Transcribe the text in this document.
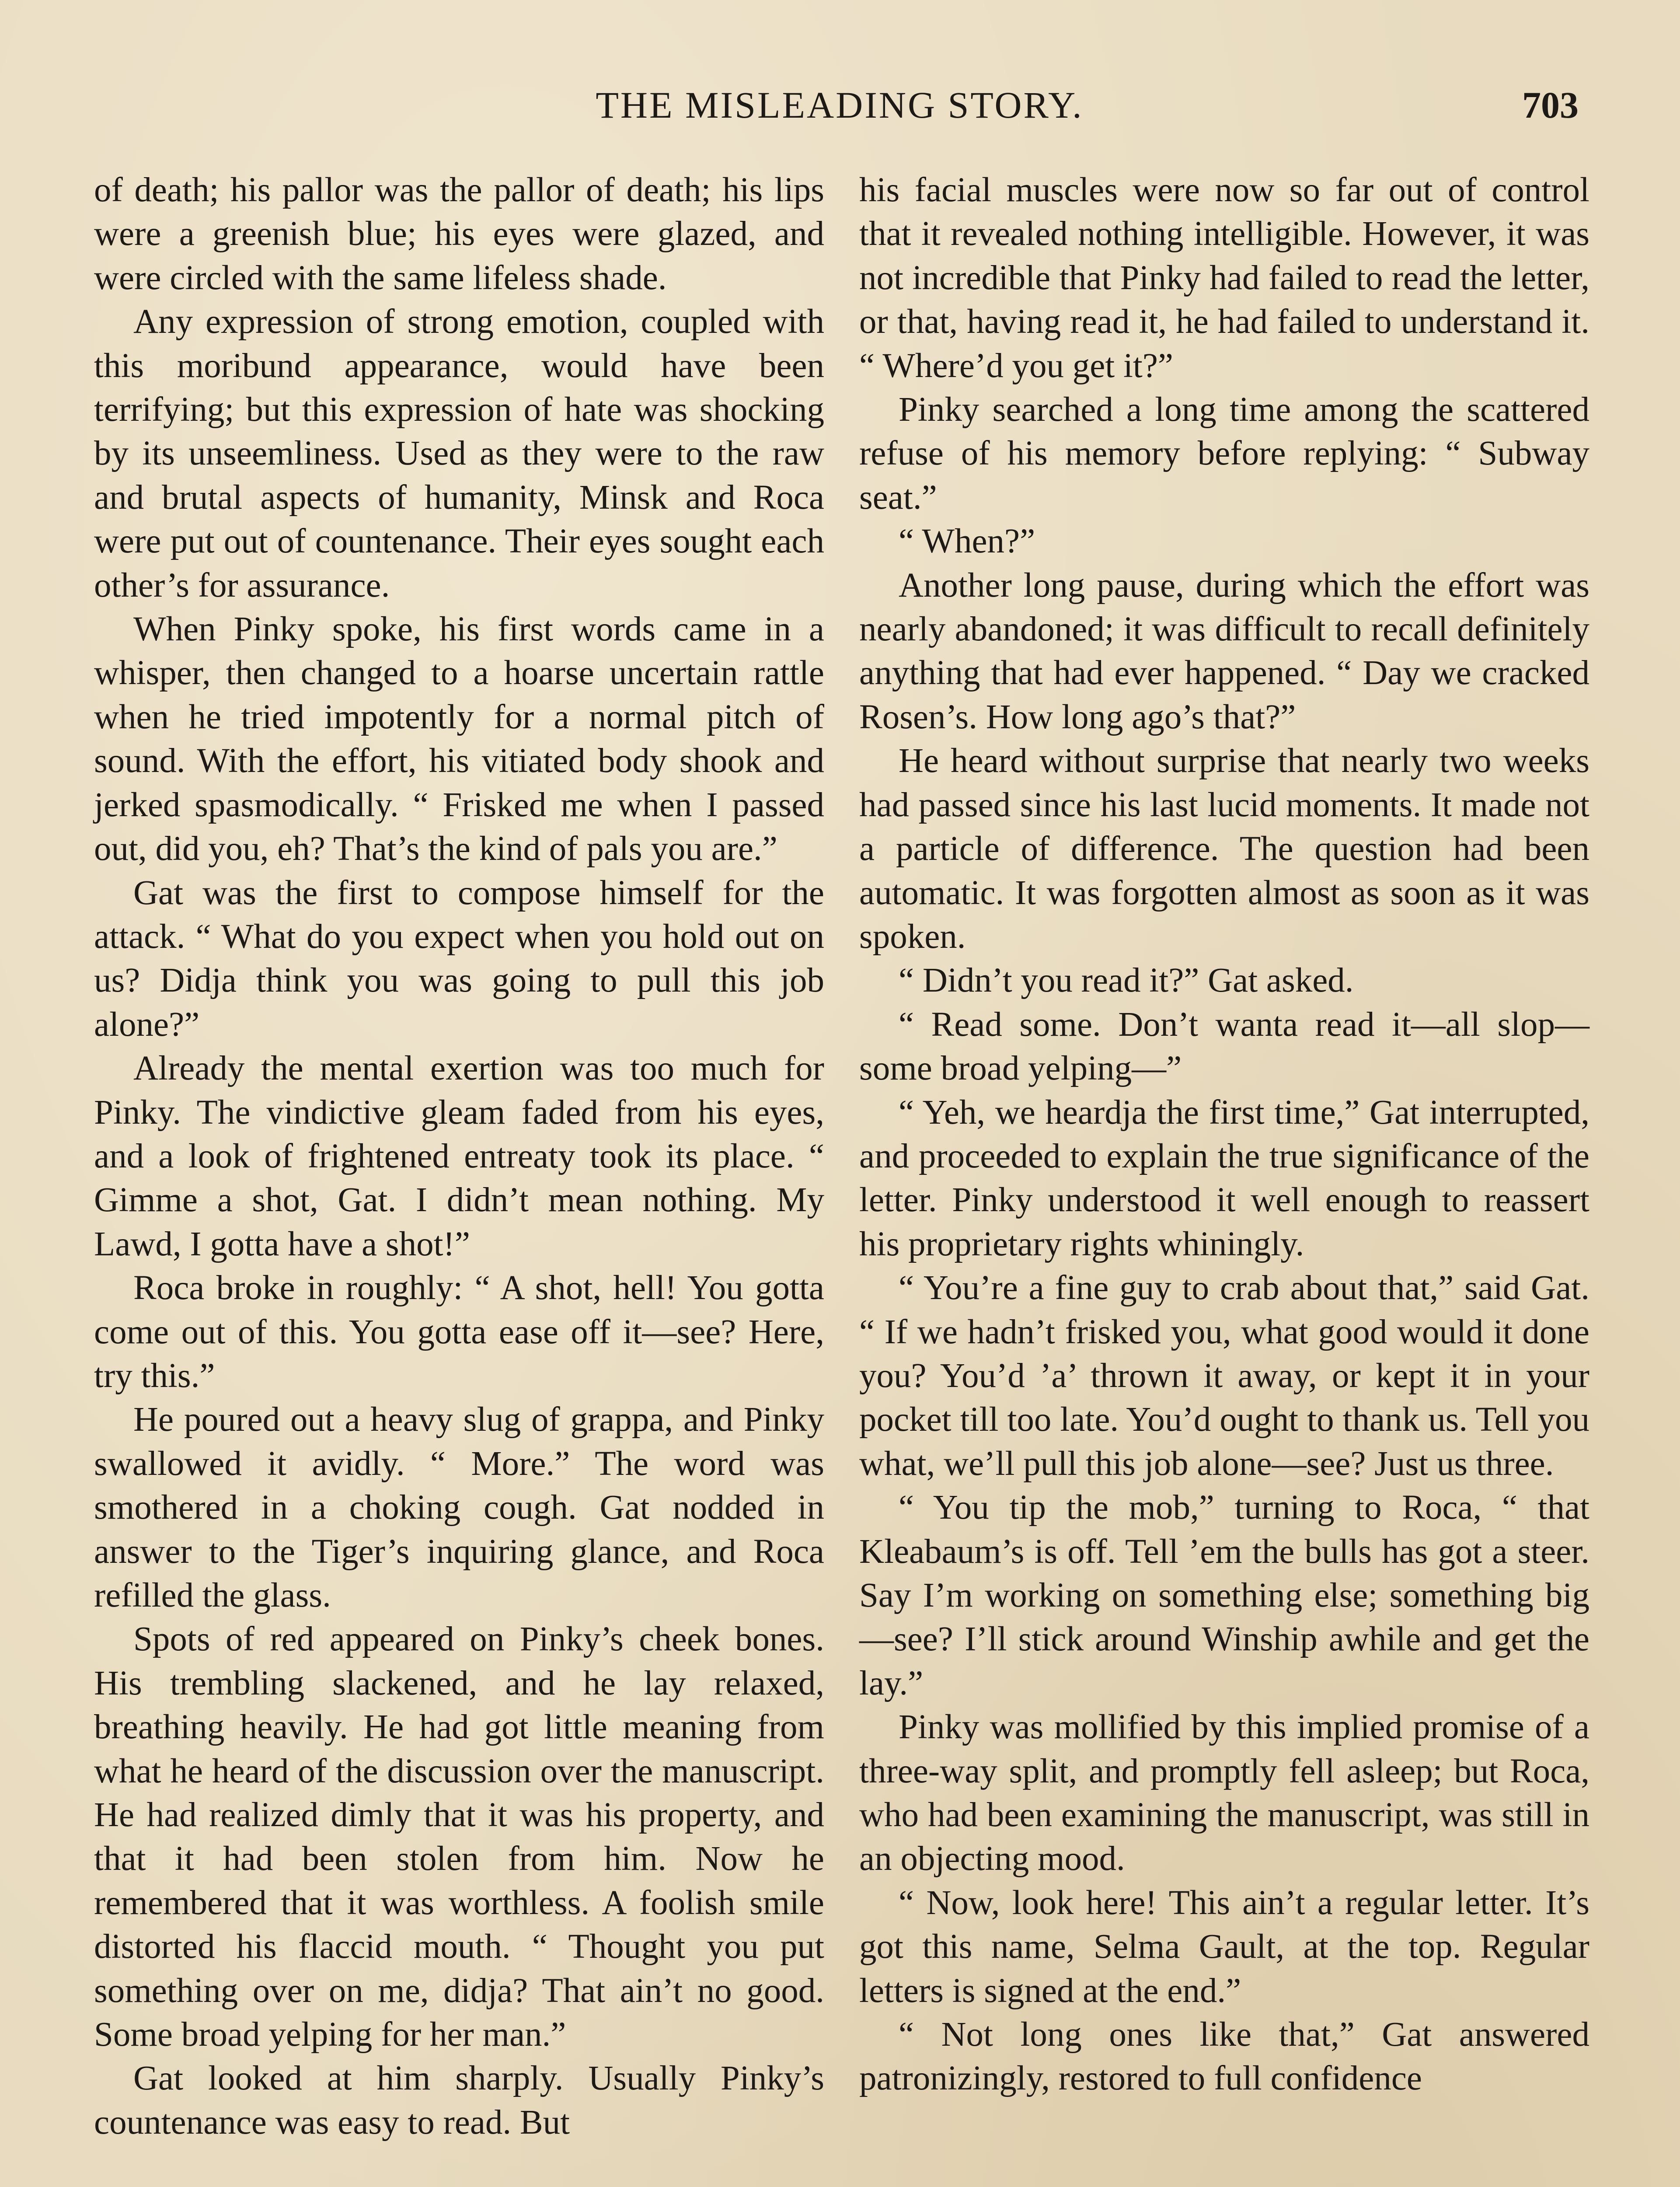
THE MISLEADING STORY.	703

of death; his pallor was the pallor of death; his lips were a greenish blue; his eyes were glazed, and were circled with the same lifeless shade.

Any expression of strong emotion, coupled with this moribund appearance, would have been terrifying; but this expression of hate was shocking by its unseemliness. Used as they were to the raw and brutal aspects of humanity, Minsk and Roca were put out of countenance. Their eyes sought each other’s for assurance.

When Pinky spoke, his first words came in a whisper, then changed to a hoarse uncertain rattle when he tried impotently for a normal pitch of sound. With the effort, his vitiated body shook and jerked spasmodically. “ Frisked me when I passed out, did you, eh? That’s the kind of pals you are.”

Gat was the first to compose himself for the attack. “ What do you expect when you hold out on us? Didja think you was going to pull this job alone?”

Already the mental exertion was too much for Pinky. The vindictive gleam faded from his eyes, and a look of frightened entreaty took its place. “ Gimme a shot, Gat. I didn’t mean nothing. My Lawd, I gotta have a shot!”

Roca broke in roughly: “ A shot, hell! You gotta come out of this. You gotta ease off it—see? Here, try this.”

He poured out a heavy slug of grappa, and Pinky swallowed it avidly. “ More.” The word was smothered in a choking cough. Gat nodded in answer to the Tiger’s inquiring glance, and Roca refilled the glass.

Spots of red appeared on Pinky’s cheek bones. His trembling slackened, and he lay relaxed, breathing heavily. He had got little meaning from what he heard of the discussion over the manuscript. He had realized dimly that it was his property, and that it had been stolen from him. Now he remembered that it was worthless. A foolish smile distorted his flaccid mouth. “ Thought you put something over on me, didja? That ain’t no good. Some broad yelping for her man.”

Gat looked at him sharply. Usually Pinky’s countenance was easy to read. But

his facial muscles were now so far out of control that it revealed nothing intelligible. However, it was not incredible that Pinky had failed to read the letter, or that, having read it, he had failed to understand it. “ Where’d you get it?”

Pinky searched a long time among the scattered refuse of his memory before replying: “ Subway seat.”

“ When?”

Another long pause, during which the effort was nearly abandoned; it was difficult to recall definitely anything that had ever happened. “ Day we cracked Rosen’s. How long ago’s that?”

He heard without surprise that nearly two weeks had passed since his last lucid moments. It made not a particle of difference. The question had been automatic. It was forgotten almost as soon as it was spoken.

“ Didn’t you read it?” Gat asked.

“ Read some. Don’t wanta read it—all slop—some broad yelping—”

“ Yeh, we heardja the first time,” Gat interrupted, and proceeded to explain the true significance of the letter. Pinky understood it well enough to reassert his proprietary rights whiningly.

“ You’re a fine guy to crab about that,” said Gat. “ If we hadn’t frisked you, what good would it done you? You’d ’a’ thrown it away, or kept it in your pocket till too late. You’d ought to thank us. Tell you what, we’ll pull this job alone—see? Just us three.

“ You tip the mob,” turning to Roca, “ that Kleabaum’s is off. Tell ’em the bulls has got a steer. Say I’m working on something else; something big—see? I’ll stick around Winship awhile and get the lay.”

Pinky was mollified by this implied promise of a three-way split, and promptly fell asleep; but Roca, who had been examining the manuscript, was still in an objecting mood.

“ Now, look here! This ain’t a regular letter. It’s got this name, Selma Gault, at the top. Regular letters is signed at the end.”

“ Not long ones like that,” Gat answered patronizingly, restored to full confidence
